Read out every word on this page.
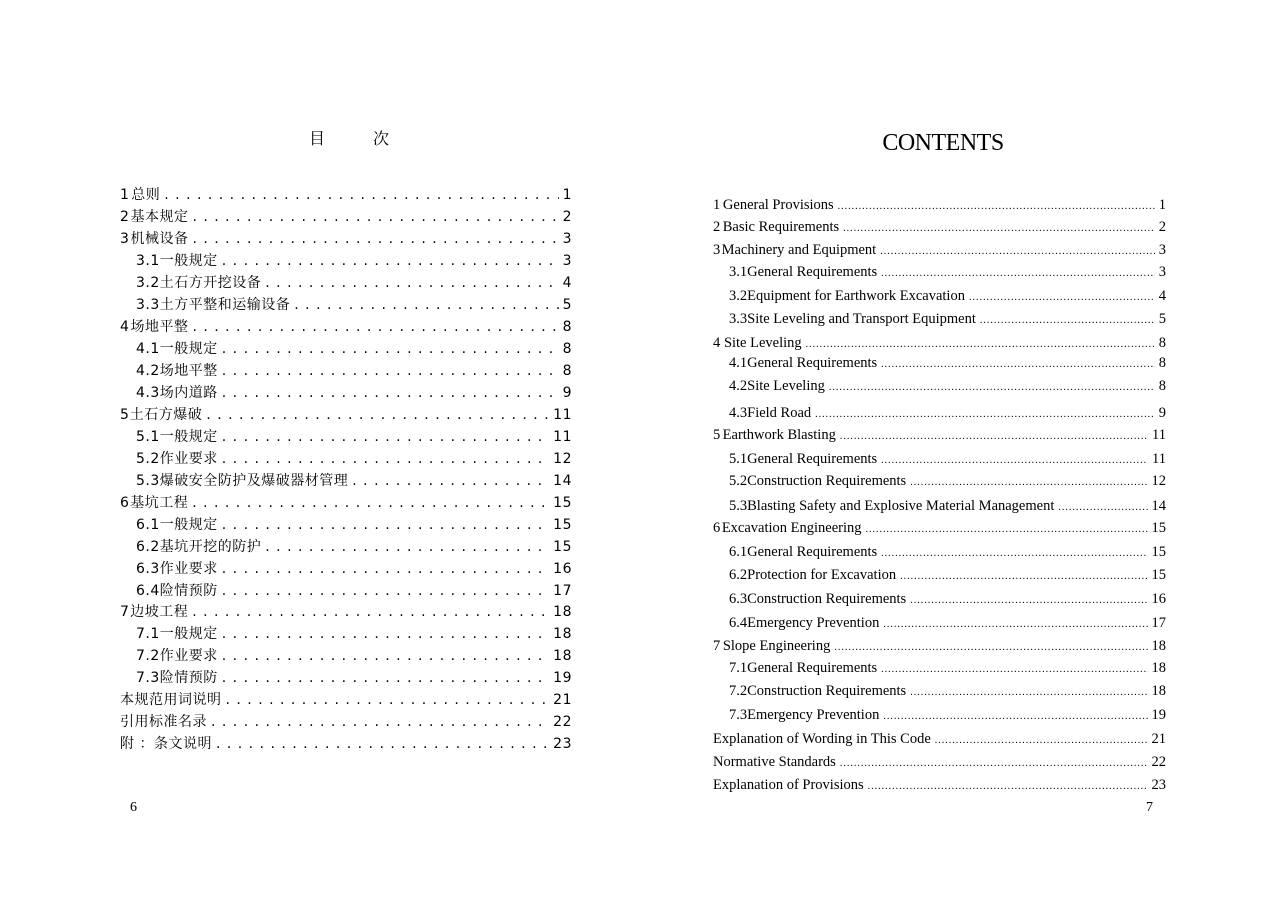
目	次
1 总则 . . .	1
2 基本规定 . . .	2
3 机械设备 . . .	3
3.1 一般规定 . . .	3
3.2 土石方开挖设备 . . .	4
3.3 土方平整和运输设备 . . .	5
4 场地平整 . . .	8
4.1 一般规定 . . .	8
4.2 场地平整 . . .	8
4.3 场内道路 . . .	9
5 土石方爆破 . . .	11
5.1 一般规定 . . .	11
5.2 作业要求 . . .	12
5.3 爆破安全防护及爆破器材管理 . . .	14
6 基坑工程 . . .	15
6.1 一般规定 . . .	15
6.2 基坑开挖的防护 . . .	15
6.3 作业要求 . . .	16
6.4 险情预防 . . .	17
7 边坡工程 . . .	18
7.1 一般规定 . . .	18
7.2 作业要求 . . .	18
7.3 险情预防 . . .	19
本规范用词说明 . . .	21
引用标准名录 . . .	22
附 ：条文说明 . . .	23
6
CONTENTS
1 General Provisions .....	1
2 Basic Requirements .....	2
3 Machinery and Equipment .....	3
3.1 General Requirements .....	3
3.2 Equipment for Earthwork Excavation .....	4
3.3 Site Leveling and Transport Equipment .....	5
4 Site Leveling .....	8
4.1 General Requirements .....	8
4.2 Site Leveling .....	8
4.3 Field Road .....	9
5 Earthwork Blasting .....	11
5.1 General Requirements .....	11
5.2 Construction Requirements .....	12
5.3 Blasting Safety and Explosive Material Management .....	14
6 Excavation Engineering .....	15
6.1 General Requirements .....	15
6.2 Protection for Excavation .....	15
6.3 Construction Requirements .....	16
6.4 Emergency Prevention .....	17
7 Slope Engineering .....	18
7.1 General Requirements .....	18
7.2 Construction Requirements .....	18
7.3 Emergency Prevention .....	19
Explanation of Wording in This Code .....	21
Normative Standards .....	22
Explanation of Provisions .....	23
7
